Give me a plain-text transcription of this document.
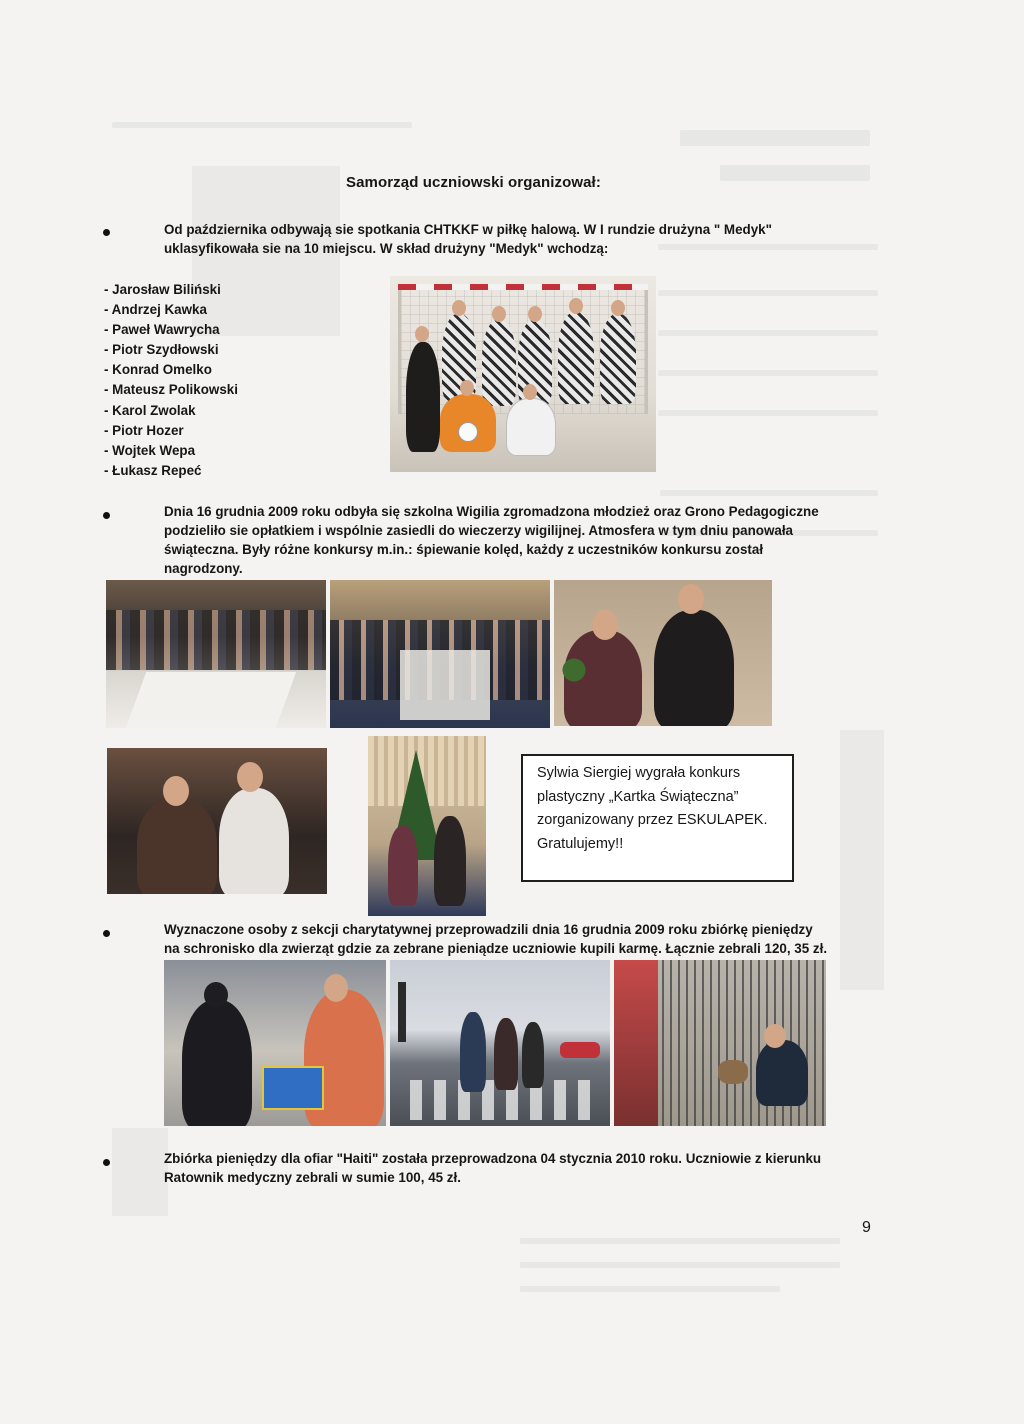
Samorząd uczniowski organizował:

Od października odbywają sie spotkania CHTKKF w piłkę halową. W I rundzie drużyna " Medyk"
uklasyfikowała sie na 10 miejscu. W skład drużyny "Medyk" wchodzą:

- Jarosław Biliński
- Andrzej Kawka
- Paweł Wawrycha
- Piotr Szydłowski
- Konrad Omelko
- Mateusz Polikowski
- Karol Zwolak
- Piotr Hozer
- Wojtek Wepa
- Łukasz Repeć

Dnia 16 grudnia 2009 roku odbyła się szkolna Wigilia zgromadzona młodzież oraz Grono Pedagogiczne
podzieliło sie opłatkiem i wspólnie zasiedli do wieczerzy wigilijnej. Atmosfera w tym dniu panowała
świąteczna. Były różne konkursy m.in.: śpiewanie kolęd, każdy z uczestników konkursu został
nagrodzony.

Sylwia Siergiej wygrała konkurs
plastyczny „Kartka Świąteczna”
zorganizowany przez ESKULAPEK.
Gratulujemy!!

Wyznaczone osoby z sekcji charytatywnej przeprowadzili dnia 16 grudnia 2009 roku zbiórkę pieniędzy
na schronisko dla zwierząt gdzie za zebrane pieniądze uczniowie kupili karmę. Łącznie zebrali 120, 35 zł.

Zbiórka pieniędzy dla ofiar "Haiti" została przeprowadzona 04 stycznia 2010 roku. Uczniowie z kierunku
Ratownik medyczny zebrali w sumie 100, 45 zł.

9
